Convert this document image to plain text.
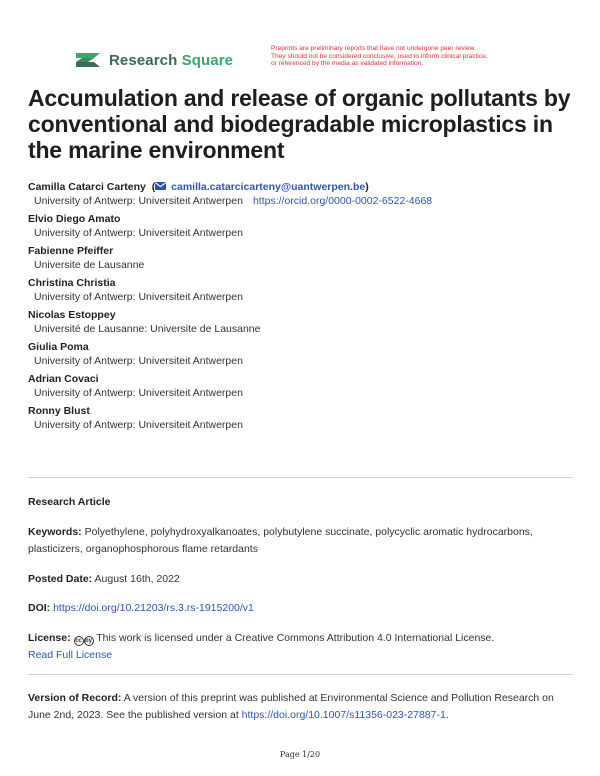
Research Square
Preprints are preliminary reports that have not undergone peer review.
They should not be considered conclusive, used to inform clinical practice,
or referenced by the media as validated information.
Accumulation and release of organic pollutants by conventional and biodegradable microplastics in the marine environment
Camilla Catarci Carteny  ( camilla.catarcicarteny@uantwerpen.be)
University of Antwerp: Universiteit Antwerpen https://orcid.org/0000-0002-6522-4668
Elvio Diego Amato
University of Antwerp: Universiteit Antwerpen
Fabienne Pfeiffer
Universite de Lausanne
Christina Christia
University of Antwerp: Universiteit Antwerpen
Nicolas Estoppey
Université de Lausanne: Universite de Lausanne
Giulia Poma
University of Antwerp: Universiteit Antwerpen
Adrian Covaci
University of Antwerp: Universiteit Antwerpen
Ronny Blust
University of Antwerp: Universiteit Antwerpen
Research Article
Keywords: Polyethylene, polyhydroxyalkanoates, polybutylene succinate, polycyclic aromatic hydrocarbons, plasticizers, organophosphorous flame retardants
Posted Date: August 16th, 2022
DOI: https://doi.org/10.21203/rs.3.rs-1915200/v1
License: cc by This work is licensed under a Creative Commons Attribution 4.0 International License.
Read Full License
Version of Record: A version of this preprint was published at Environmental Science and Pollution Research on June 2nd, 2023. See the published version at https://doi.org/10.1007/s11356-023-27887-1.
Page 1/20
